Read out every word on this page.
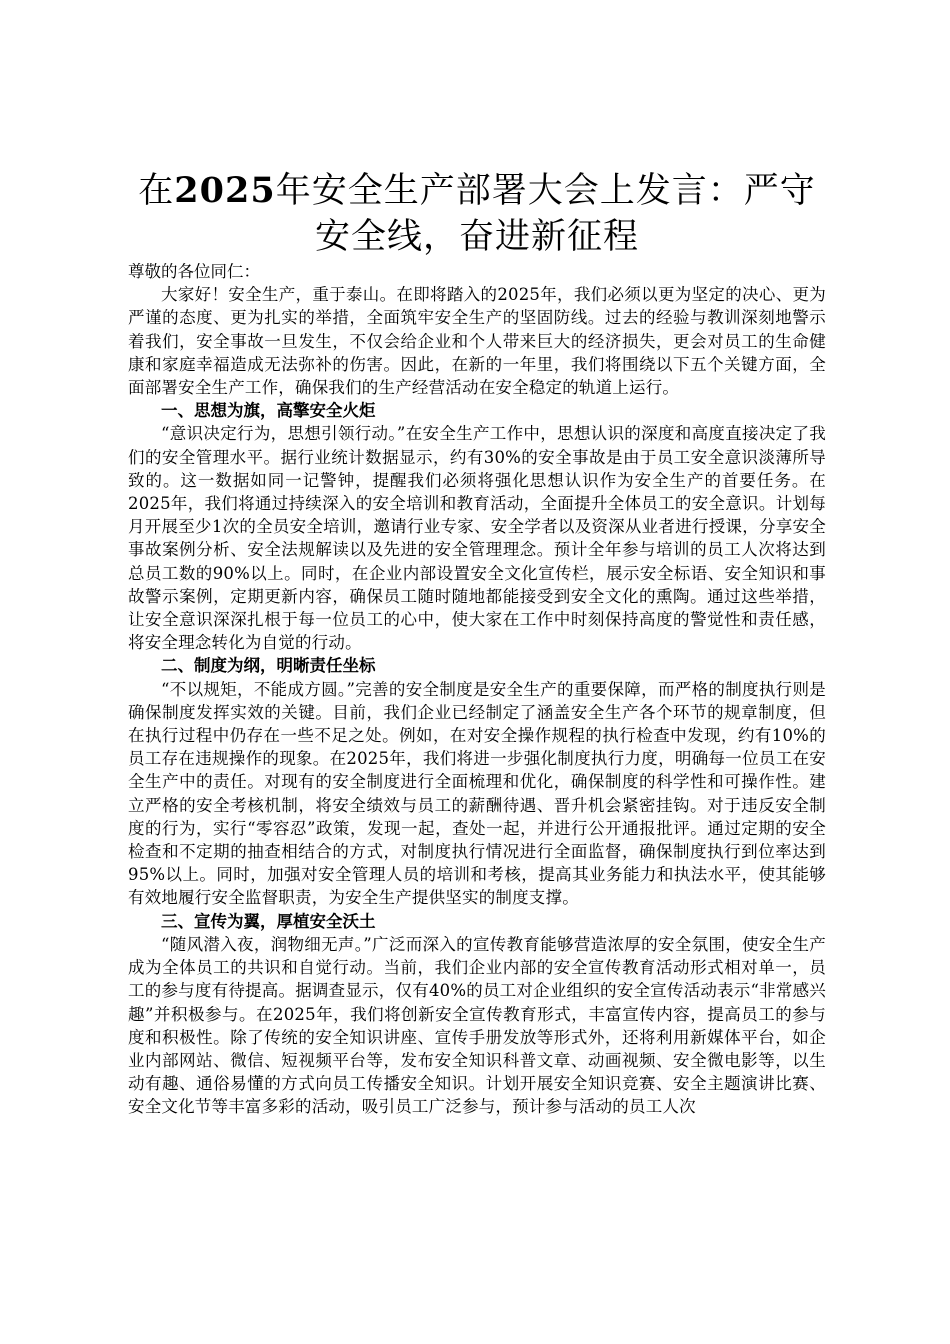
在2025年安全生产部署大会上发言：严守安全线，奋进新征程

尊敬的各位同仁：

大家好！安全生产，重于泰山。在即将踏入的2025年，我们必须以更为坚定的决心、更为严谨的态度、更为扎实的举措，全面筑牢安全生产的坚固防线。过去的经验与教训深刻地警示着我们，安全事故一旦发生，不仅会给企业和个人带来巨大的经济损失，更会对员工的生命健康和家庭幸福造成无法弥补的伤害。因此，在新的一年里，我们将围绕以下五个关键方面，全面部署安全生产工作，确保我们的生产经营活动在安全稳定的轨道上运行。

一、思想为旗，高擎安全火炬

“意识决定行为，思想引领行动。”在安全生产工作中，思想认识的深度和高度直接决定了我们的安全管理水平。据行业统计数据显示，约有30%的安全事故是由于员工安全意识淡薄所导致的。这一数据如同一记警钟，提醒我们必须将强化思想认识作为安全生产的首要任务。在2025年，我们将通过持续深入的安全培训和教育活动，全面提升全体员工的安全意识。计划每月开展至少1次的全员安全培训，邀请行业专家、安全学者以及资深从业者进行授课，分享安全事故案例分析、安全法规解读以及先进的安全管理理念。预计全年参与培训的员工人次将达到总员工数的90%以上。同时，在企业内部设置安全文化宣传栏，展示安全标语、安全知识和事故警示案例，定期更新内容，确保员工随时随地都能接受到安全文化的熏陶。通过这些举措，让安全意识深深扎根于每一位员工的心中，使大家在工作中时刻保持高度的警觉性和责任感，将安全理念转化为自觉的行动。

二、制度为纲，明晰责任坐标

“不以规矩，不能成方圆。”完善的安全制度是安全生产的重要保障，而严格的制度执行则是确保制度发挥实效的关键。目前，我们企业已经制定了涵盖安全生产各个环节的规章制度，但在执行过程中仍存在一些不足之处。例如，在对安全操作规程的执行检查中发现，约有10%的员工存在违规操作的现象。在2025年，我们将进一步强化制度执行力度，明确每一位员工在安全生产中的责任。对现有的安全制度进行全面梳理和优化，确保制度的科学性和可操作性。建立严格的安全考核机制，将安全绩效与员工的薪酬待遇、晋升机会紧密挂钩。对于违反安全制度的行为，实行“零容忍”政策，发现一起，查处一起，并进行公开通报批评。通过定期的安全检查和不定期的抽查相结合的方式，对制度执行情况进行全面监督，确保制度执行到位率达到95%以上。同时，加强对安全管理人员的培训和考核，提高其业务能力和执法水平，使其能够有效地履行安全监督职责，为安全生产提供坚实的制度支撑。

三、宣传为翼，厚植安全沃土

“随风潜入夜，润物细无声。”广泛而深入的宣传教育能够营造浓厚的安全氛围，使安全生产成为全体员工的共识和自觉行动。当前，我们企业内部的安全宣传教育活动形式相对单一，员工的参与度有待提高。据调查显示，仅有40%的员工对企业组织的安全宣传活动表示“非常感兴趣”并积极参与。在2025年，我们将创新安全宣传教育形式，丰富宣传内容，提高员工的参与度和积极性。除了传统的安全知识讲座、宣传手册发放等形式外，还将利用新媒体平台，如企业内部网站、微信、短视频平台等，发布安全知识科普文章、动画视频、安全微电影等，以生动有趣、通俗易懂的方式向员工传播安全知识。计划开展安全知识竞赛、安全主题演讲比赛、安全文化节等丰富多彩的活动，吸引员工广泛参与，预计参与活动的员工人次
